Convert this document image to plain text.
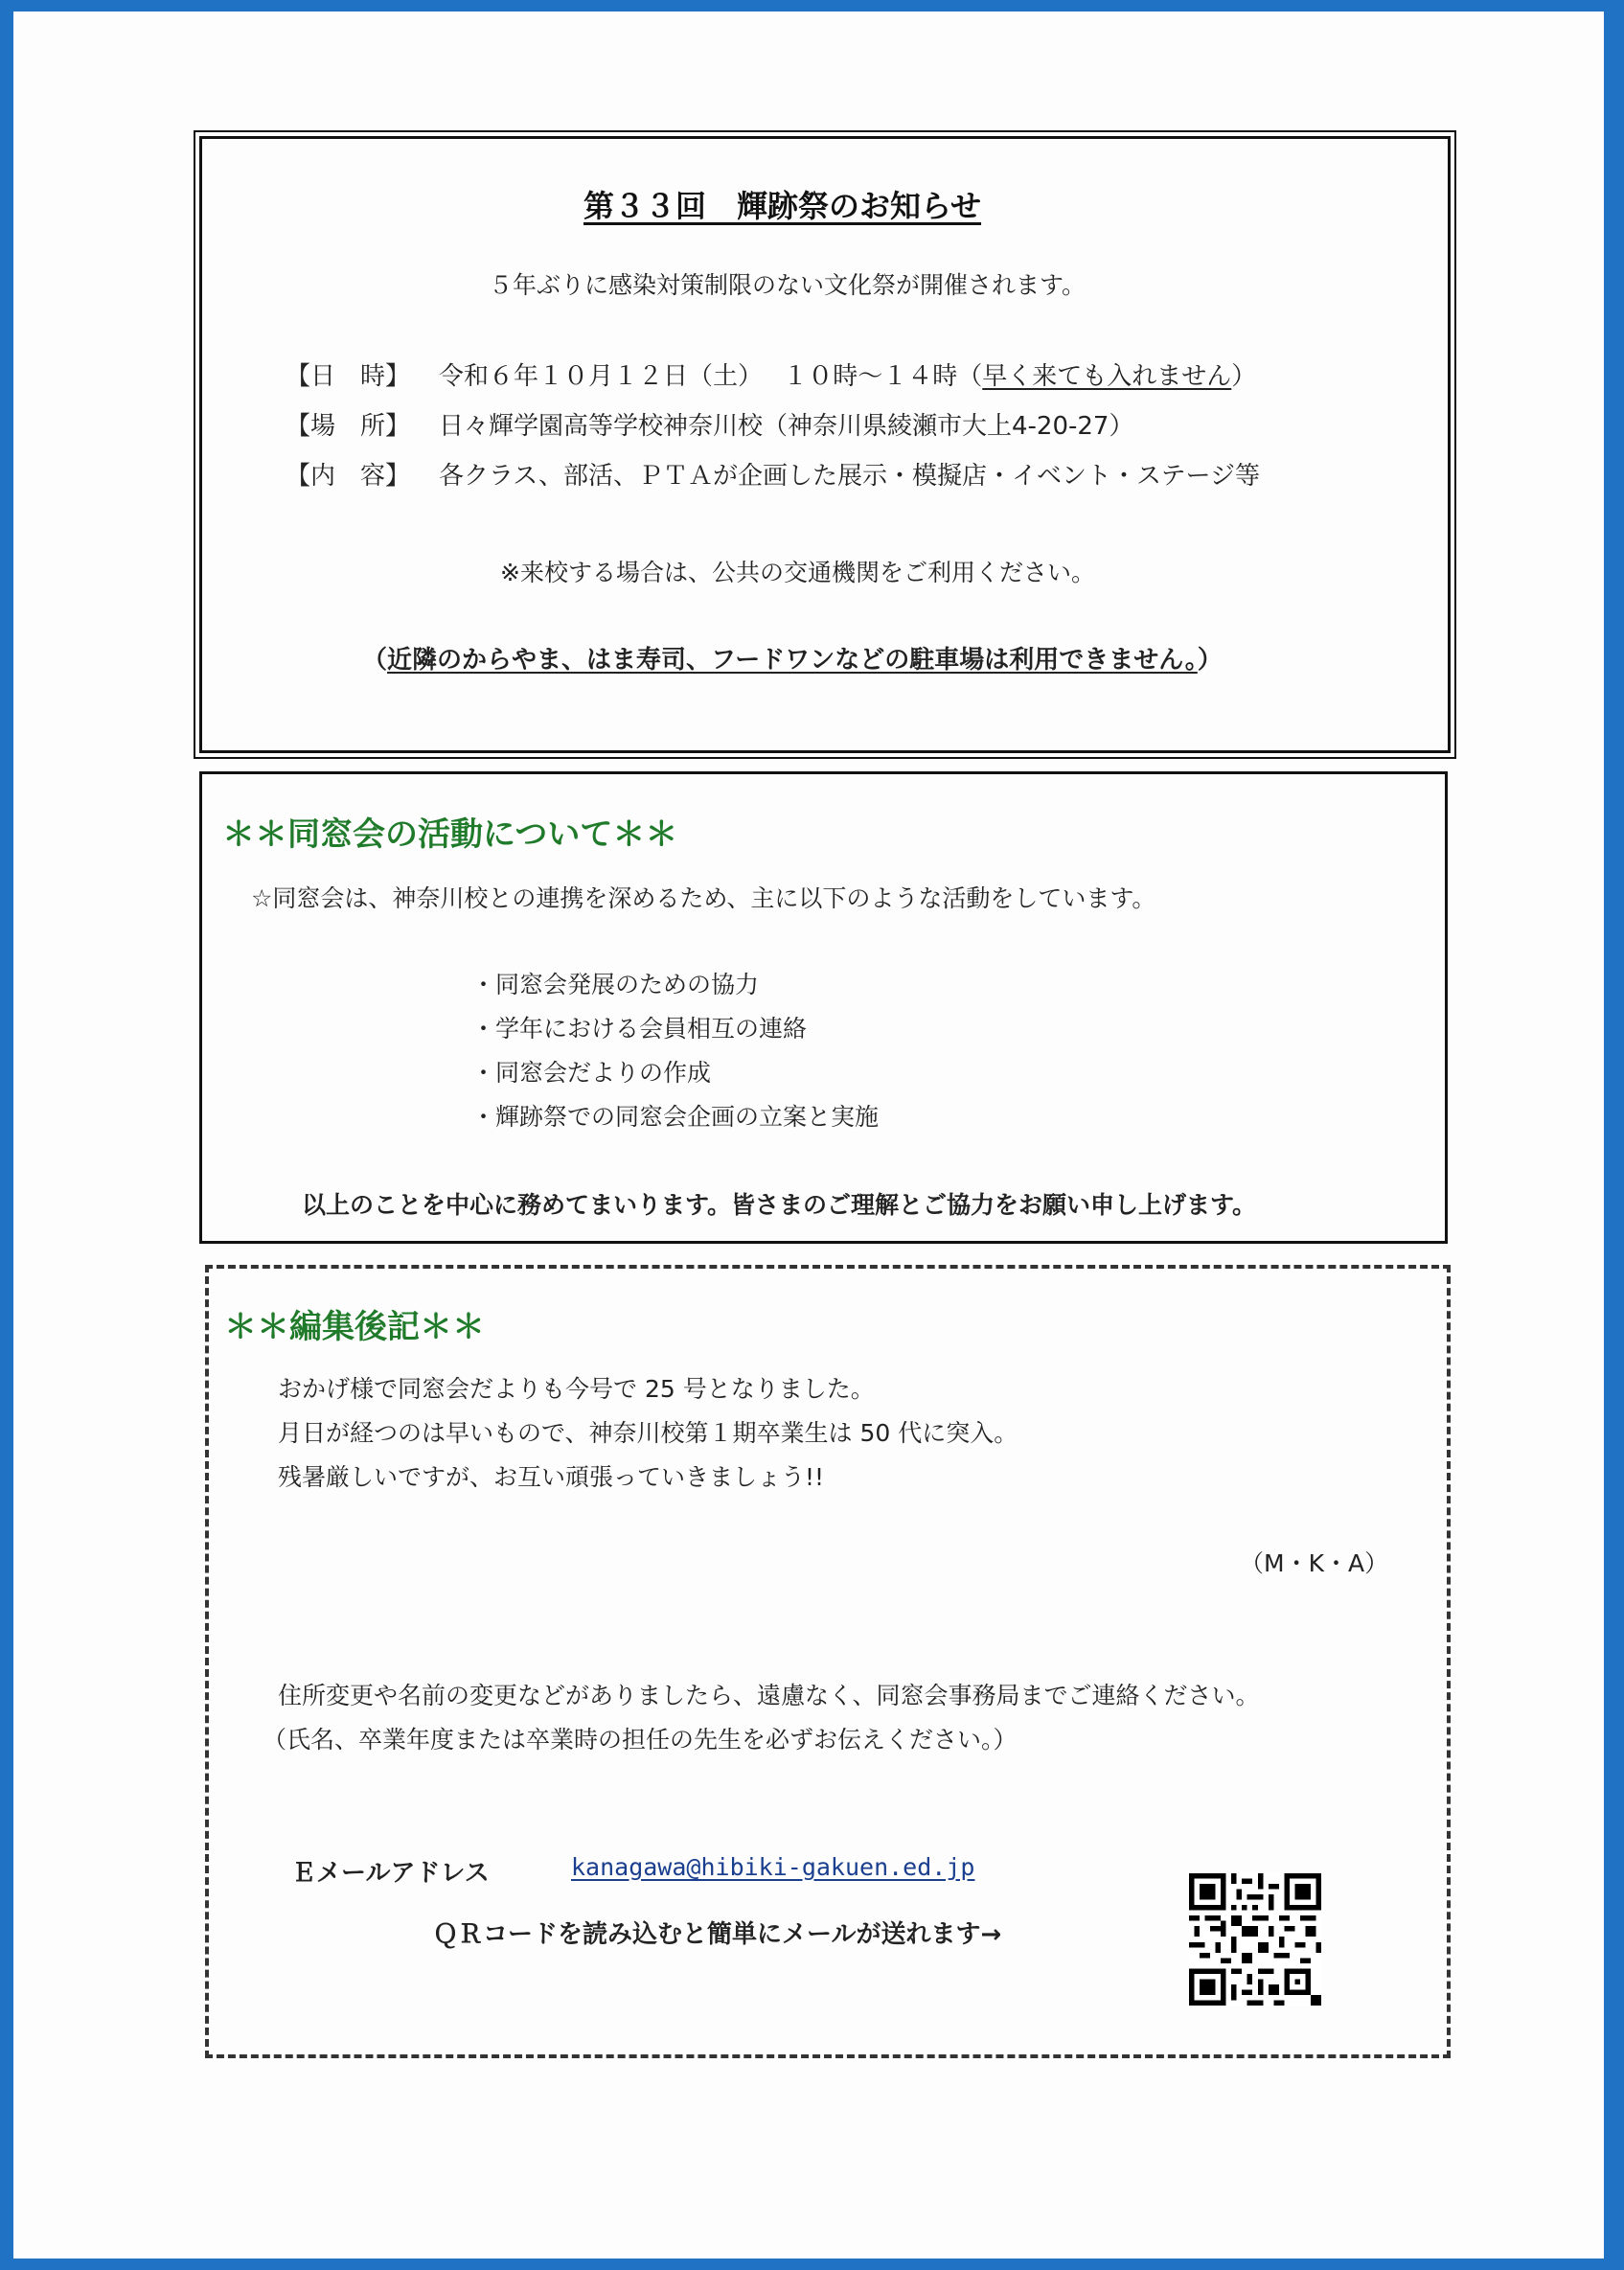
第３３回　輝跡祭のお知らせ
５年ぶりに感染対策制限のない文化祭が開催されます。
【日　時】 令和６年１０月１２日（土）　 １０時～１４時（早く来ても入れません）
【場　所】 日々輝学園高等学校神奈川校（神奈川県綾瀬市大上4-20-27）
【内　容】 各クラス、部活、ＰＴＡが企画した展示・模擬店・イベント・ステージ等
※来校する場合は、公共の交通機関をご利用ください。
（近隣のからやま、はま寿司、フードワンなどの駐車場は利用できません。）
＊＊同窓会の活動について＊＊
☆同窓会は、神奈川校との連携を深めるため、主に以下のような活動をしています。
・同窓会発展のための協力
・学年における会員相互の連絡
・同窓会だよりの作成
・輝跡祭での同窓会企画の立案と実施
以上のことを中心に務めてまいります。皆さまのご理解とご協力をお願い申し上げます。
＊＊編集後記＊＊
おかげ様で同窓会だよりも今号で 25 号となりました。
月日が経つのは早いもので、神奈川校第１期卒業生は 50 代に突入。
残暑厳しいですが、お互い頑張っていきましょう!!
（M・K・A）
住所変更や名前の変更などがありましたら、遠慮なく、同窓会事務局までご連絡ください。
（氏名、卒業年度または卒業時の担任の先生を必ずお伝えください。）
Ｅメールアドレス	kanagawa@hibiki-gakuen.ed.jp
ＱＲコードを読み込むと簡単にメールが送れます→
